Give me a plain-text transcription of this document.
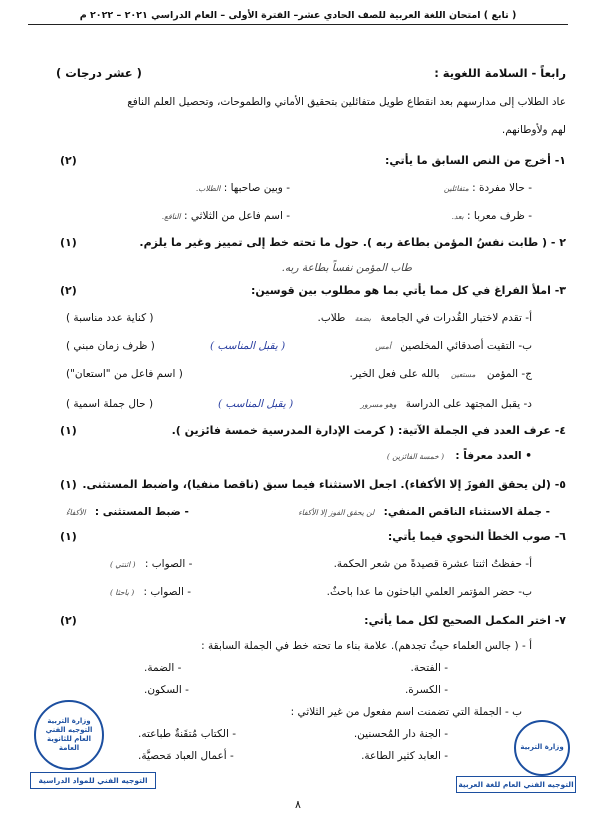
( تابع ) امتحان اللغة العربية للصف الحادي عشر– الفترة الأولى – العام الدراسي ٢٠٢١ – ٢٠٢٢ م
رابعاً - السلامة اللغوية :
( عشر درجات )
عاد الطلاب إلى مدارسهم بعد انقطاع طويل متفائلين بتحقيق الأماني والطموحات، وتحصيل العلم النافع
لهم ولأوطانهم.
١- أخرج من النص السابق ما يأتي:
(٢)
- حالا مفردة : متفائلين
- وبين صاحبها : الطلاب.
- ظرف معربا : بعد.
- اسم فاعل من الثلاثي : النافع.
٢ - ( طابت نفسُ المؤمن بطاعة ربه ). حول ما تحته خط إلى تمييز وغير ما يلزم.
(١)
طاب المؤمن نفساً بطاعة ربه.
٣- املأ الفراغ في كل مما يأتي بما هو مطلوب بين قوسين:
(٢)
أ- تقدم لاختبار القُدرات في الجامعة بضعة طلاب.
( كناية عدد مناسبة )
ب- التقيت أصدقائي المخلصين أمس
( يقبل المناسب )
( ظرف زمان مبني )
ج- المؤمن مستعين بالله على فعل الخير.
( اسم فاعل من "استعان")
د- يقبل المجتهد على الدراسة وهو مسرور
( يقبل المناسب )
( حال جملة اسمية )
٤- عرف العدد في الجملة الآتية: ( كرمت الإدارة المدرسية خمسة فائزين ).
(١)
• العدد معرفاً : ( خمسة الفائزين )
٥- (لن يحقق الفوزَ إلا الأكفاء). اجعل الاستثناء فيما سبق (ناقصا منفيا)، واضبط المستثنى.
(١)
- جملة الاستثناء الناقص المنفي: لن يحقق الفوز إلا الأكفاء
- ضبط المستثنى : الأكفاءُ
٦- صوب الخطأ النحوي فيما يأتي:
(١)
أ- حفظتُ اثنتا عشرة قصيدةً من شعر الحكمة.
- الصواب : ( اثنتي )
ب- حضر المؤتمر العلمي الباحثون ما عدا باحثٌ.
- الصواب : ( باحثا )
٧- اختر المكمل الصحيح لكل مما يأتي:
(٢)
أ - ( جالس العلماء حيثُ تجدهم). علامة بناء ما تحته خط في الجملة السابقة :
- الفتحة.
- الضمة.
- الكسرة.
- السكون.
ب - الجملة التي تضمنت اسم مفعول من غير الثلاثي :
- الجنة دار المُحسنين.
- الكتاب مُتقَنةٌ طباعته.
- العابد كثير الطاعة.
- أعمال العباد مَحصيَّة.
وزارة التربية التوجيه الفني العام للثانوية العامة
التوجيه الفني للمواد الدراسية
وزارة التربية
التوجيه الفني العام للغة العربية
٨
